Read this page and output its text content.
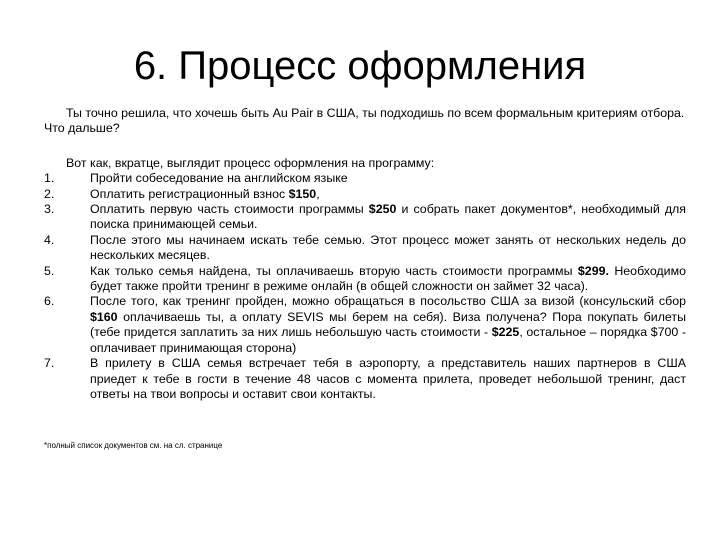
6. Процесс оформления

Ты точно решила, что хочешь быть Au Pair в США, ты подходишь по всем формальным критериям отбора. Что дальше?

Вот как, вкратце, выглядит процесс оформления на программу:

1.	Пройти собеседование на английском языке
2.	Оплатить регистрационный взнос $150,
3.	Оплатить первую часть стоимости программы $250 и собрать пакет документов*, необходимый для поиска принимающей семьи.
4.	После этого мы начинаем искать тебе семью. Этот процесс может занять от нескольких недель до нескольких месяцев.
5.	Как только семья найдена, ты оплачиваешь вторую часть стоимости программы $299. Необходимо будет также пройти тренинг в режиме онлайн (в общей сложности он займет 32 часа).
6.	После того, как тренинг пройден, можно обращаться в посольство США за визой (консульский сбор $160 оплачиваешь ты, а оплату SEVIS мы берем на себя). Виза получена? Пора покупать билеты (тебе придется заплатить за них лишь небольшую часть стоимости - $225, остальное – порядка $700 - оплачивает принимающая сторона)
7.	В прилету в США семья встречает тебя в аэропорту, а представитель наших партнеров в США приедет к тебе в гости в течение 48 часов с момента прилета, проведет небольшой тренинг, даст ответы на твои вопросы и оставит свои контакты.
*полный список документов см. на сл. странице
